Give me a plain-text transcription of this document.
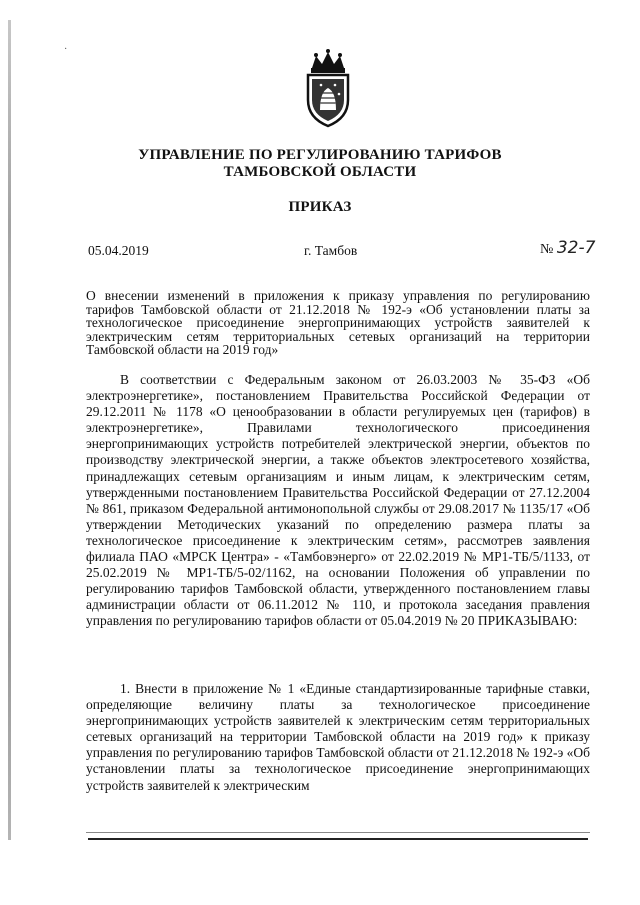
·
УПРАВЛЕНИЕ ПО РЕГУЛИРОВАНИЮ ТАРИФОВ
ТАМБОВСКОЙ ОБЛАСТИ
ПРИКАЗ
05.04.2019	г. Тамбов	№ 32-7
О внесении изменений в приложения к приказу управления по регулированию тарифов Тамбовской области от 21.12.2018 № 192-э «Об установлении платы за технологическое присоединение энергопринимающих устройств заявителей к электрическим сетям территориальных сетевых организаций на территории Тамбовской области на 2019 год»

В соответствии с Федеральным законом от 26.03.2003 № 35-ФЗ «Об электроэнергетике», постановлением Правительства Российской Федерации от 29.12.2011 № 1178 «О ценообразовании в области регулируемых цен (тарифов) в электроэнергетике», Правилами технологического присоединения энергопринимающих устройств потребителей электрической энергии, объектов по производству электрической энергии, а также объектов электросетевого хозяйства, принадлежащих сетевым организациям и иным лицам, к электрическим сетям, утвержденными постановлением Правительства Российской Федерации от 27.12.2004 № 861, приказом Федеральной антимонопольной службы от 29.08.2017 № 1135/17 «Об утверждении Методических указаний по определению размера платы за технологическое присоединение к электрическим сетям», рассмотрев заявления филиала ПАО «МРСК Центра» - «Тамбовэнерго» от 22.02.2019 № МР1-ТБ/5/1133, от 25.02.2019 № МР1-ТБ/5-02/1162, на основании Положения об управлении по регулированию тарифов Тамбовской области, утвержденного постановлением главы администрации области от 06.11.2012 № 110, и протокола заседания правления управления по регулированию тарифов области от 05.04.2019 № 20 ПРИКАЗЫВАЮ:

1. Внести в приложение № 1 «Единые стандартизированные тарифные ставки, определяющие величину платы за технологическое присоединение энергопринимающих устройств заявителей к электрическим сетям территориальных сетевых организаций на территории Тамбовской области на 2019 год» к приказу управления по регулированию тарифов Тамбовской области от 21.12.2018 № 192-э «Об установлении платы за технологическое присоединение энергопринимающих устройств заявителей к электрическим
